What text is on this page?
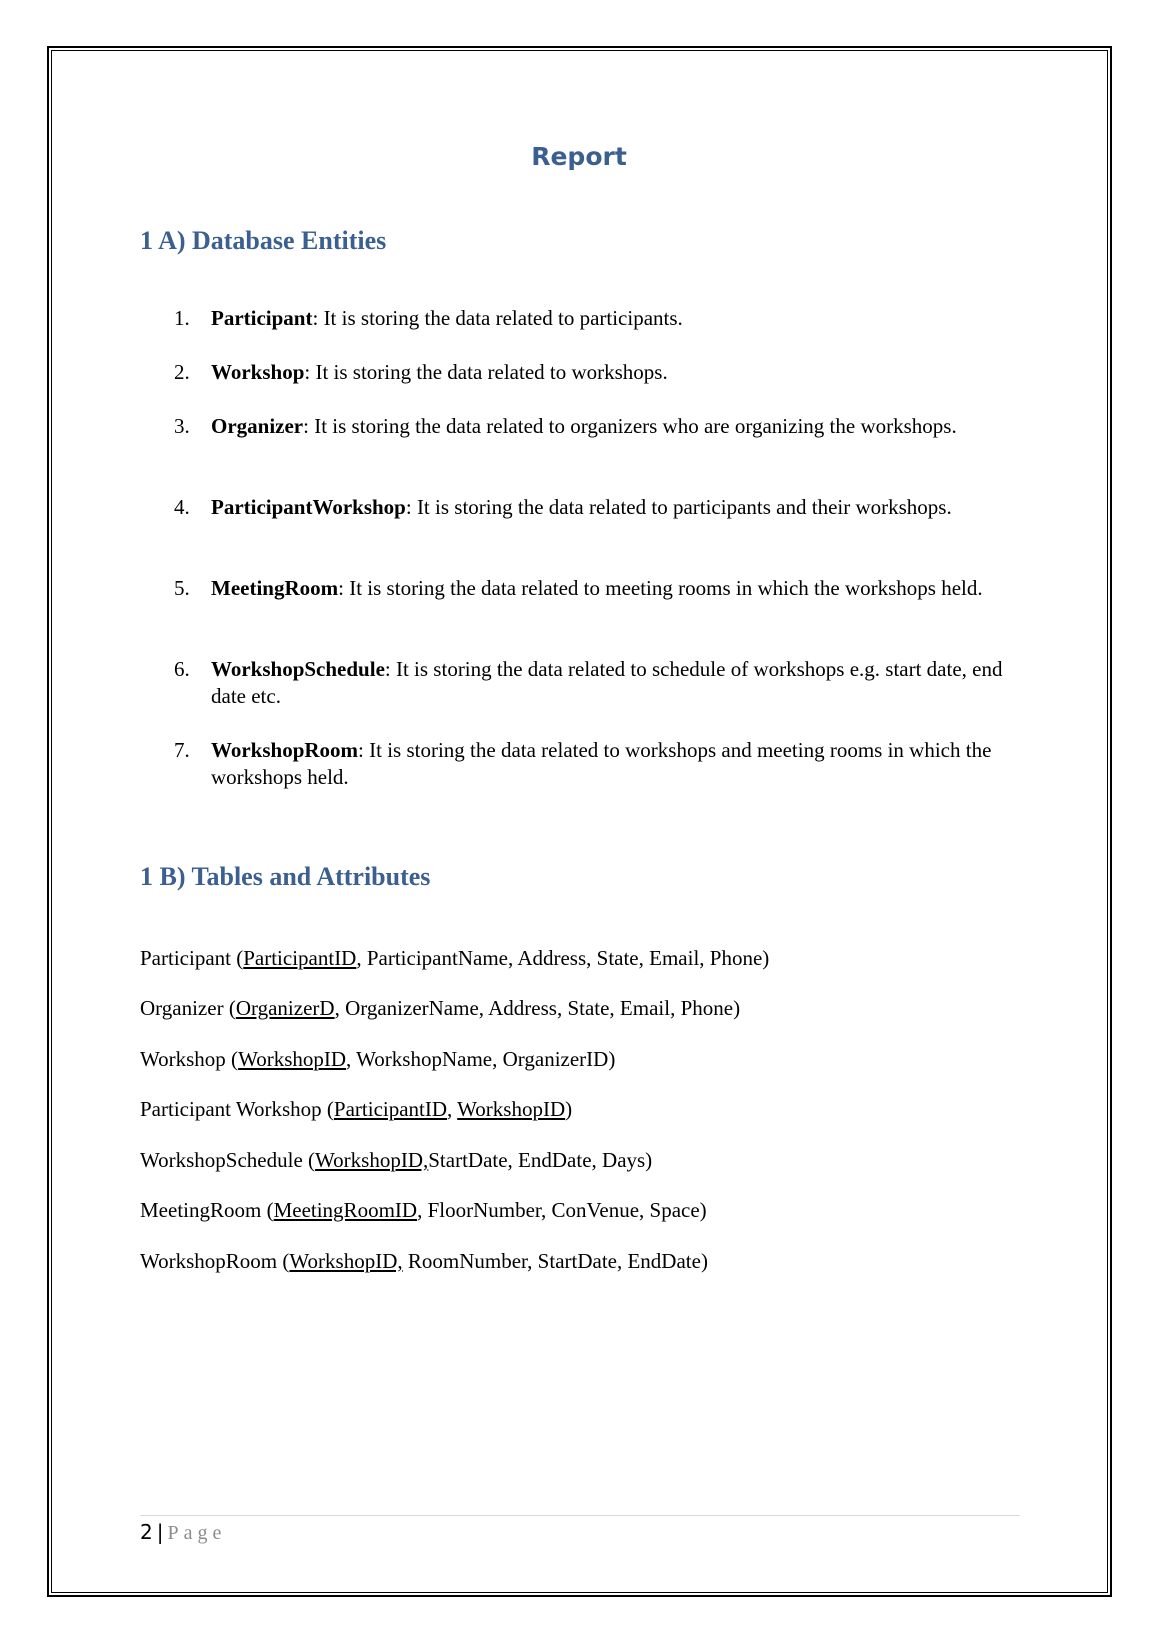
Report
1 A) Database Entities
1. Participant: It is storing the data related to participants.
2. Workshop: It is storing the data related to workshops.
3. Organizer: It is storing the data related to organizers who are organizing the workshops.
4. ParticipantWorkshop: It is storing the data related to participants and their workshops.
5. MeetingRoom: It is storing the data related to meeting rooms in which the workshops held.
6. WorkshopSchedule: It is storing the data related to schedule of workshops e.g. start date, end date etc.
7. WorkshopRoom: It is storing the data related to workshops and meeting rooms in which the workshops held.
1 B) Tables and Attributes
Participant (ParticipantID, ParticipantName, Address, State, Email, Phone)
Organizer (OrganizerD, OrganizerName, Address, State, Email, Phone)
Workshop (WorkshopID, WorkshopName, OrganizerID)
Participant Workshop (ParticipantID, WorkshopID)
WorkshopSchedule (WorkshopID,StartDate, EndDate, Days)
MeetingRoom (MeetingRoomID, FloorNumber, ConVenue, Space)
WorkshopRoom (WorkshopID, RoomNumber, StartDate, EndDate)
2 | Page
